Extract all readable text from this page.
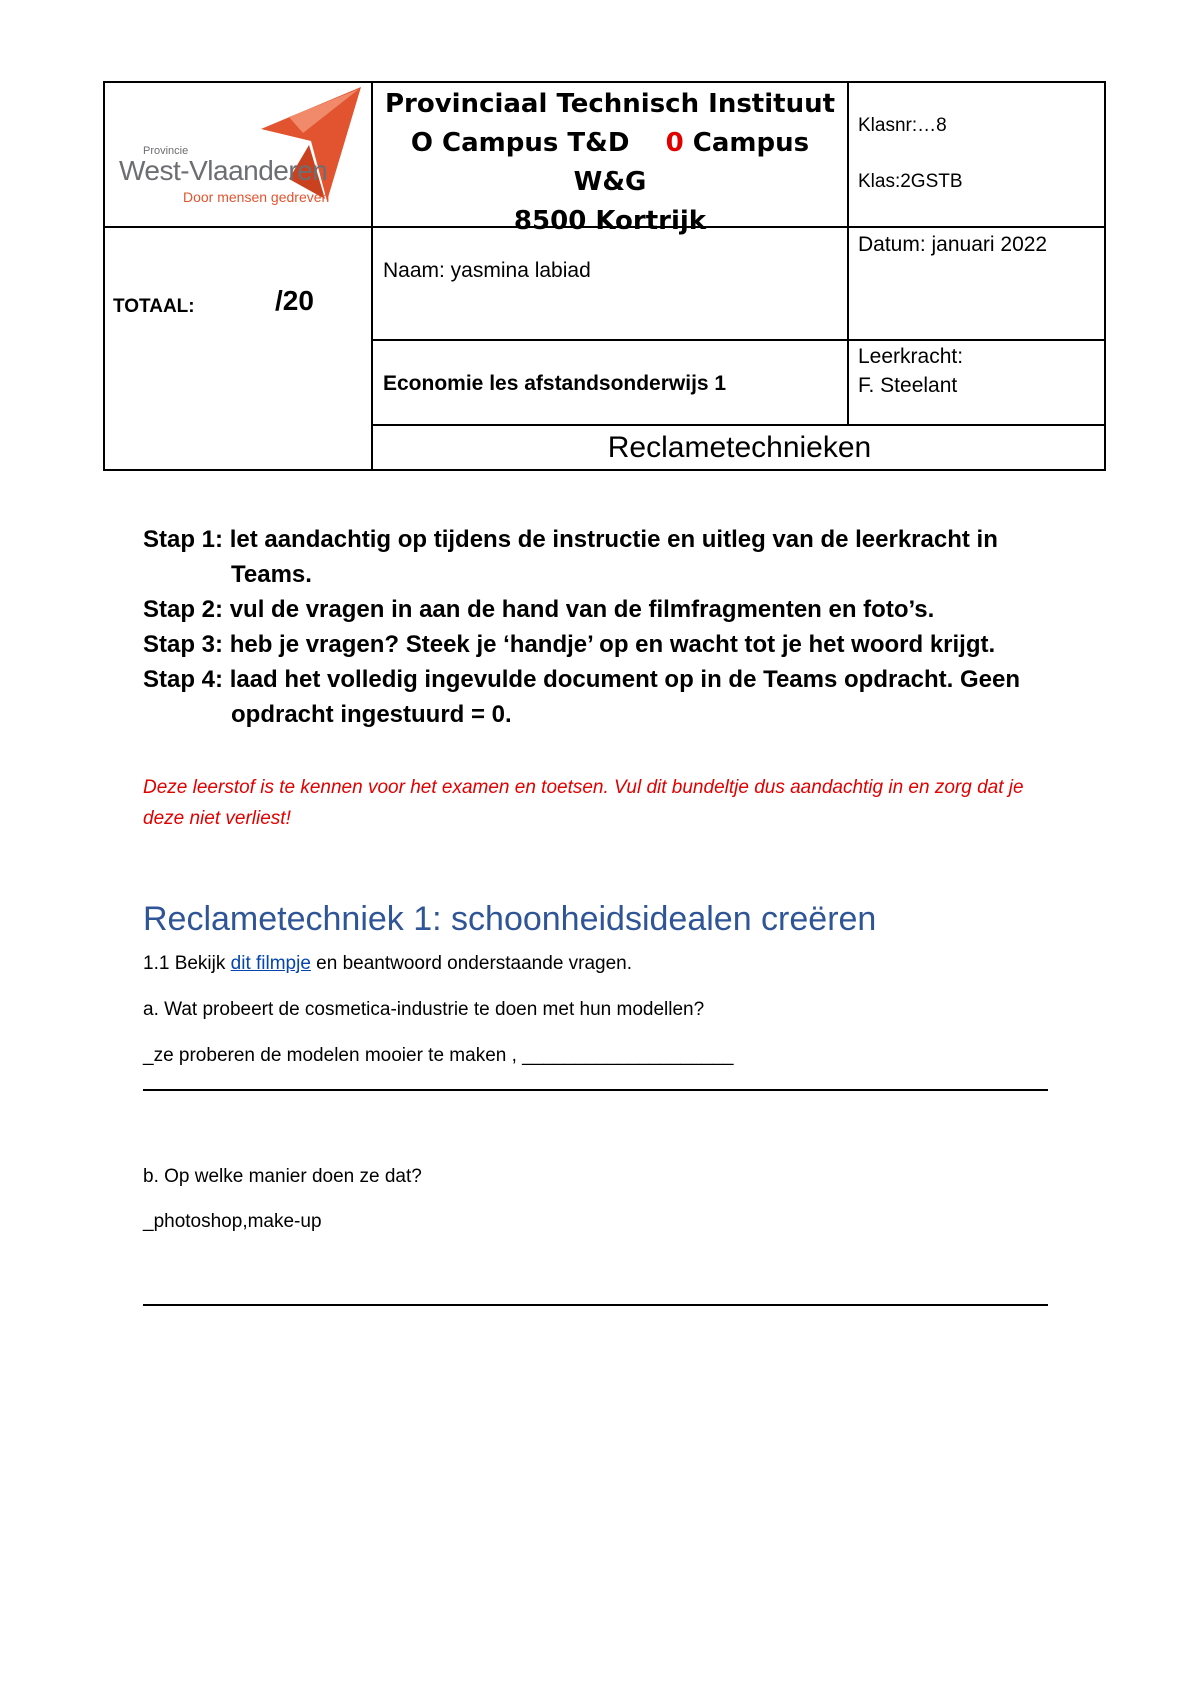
Provincie
West-Vlaanderen
Door mensen gedreven
Provinciaal Technisch Instituut
O Campus T&D 0 Campus W&G
8500 Kortrijk
Klasnr:…8
Klas:2GSTB
TOTAAL:	/20
Naam: yasmina labiad
Datum: januari 2022
Economie les afstandsonderwijs 1
Leerkracht:
F. Steelant
Reclametechnieken
Stap 1: let aandachtig op tijdens de instructie en uitleg van de leerkracht in
Teams.
Stap 2: vul de vragen in aan de hand van de filmfragmenten en foto’s.
Stap 3: heb je vragen? Steek je ‘handje’ op en wacht tot je het woord krijgt.
Stap 4: laad het volledig ingevulde document op in de Teams opdracht. Geen
opdracht ingestuurd = 0.
Deze leerstof is te kennen voor het examen en toetsen. Vul dit bundeltje dus aandachtig in en zorg dat je deze niet verliest!
Reclametechniek 1: schoonheidsidealen creëren
1.1 Bekijk dit filmpje en beantwoord onderstaande vragen.
a. Wat probeert de cosmetica-industrie te doen met hun modellen?
_ze proberen de modelen mooier te maken , ____________________
b. Op welke manier doen ze dat?
_photoshop,make-up
